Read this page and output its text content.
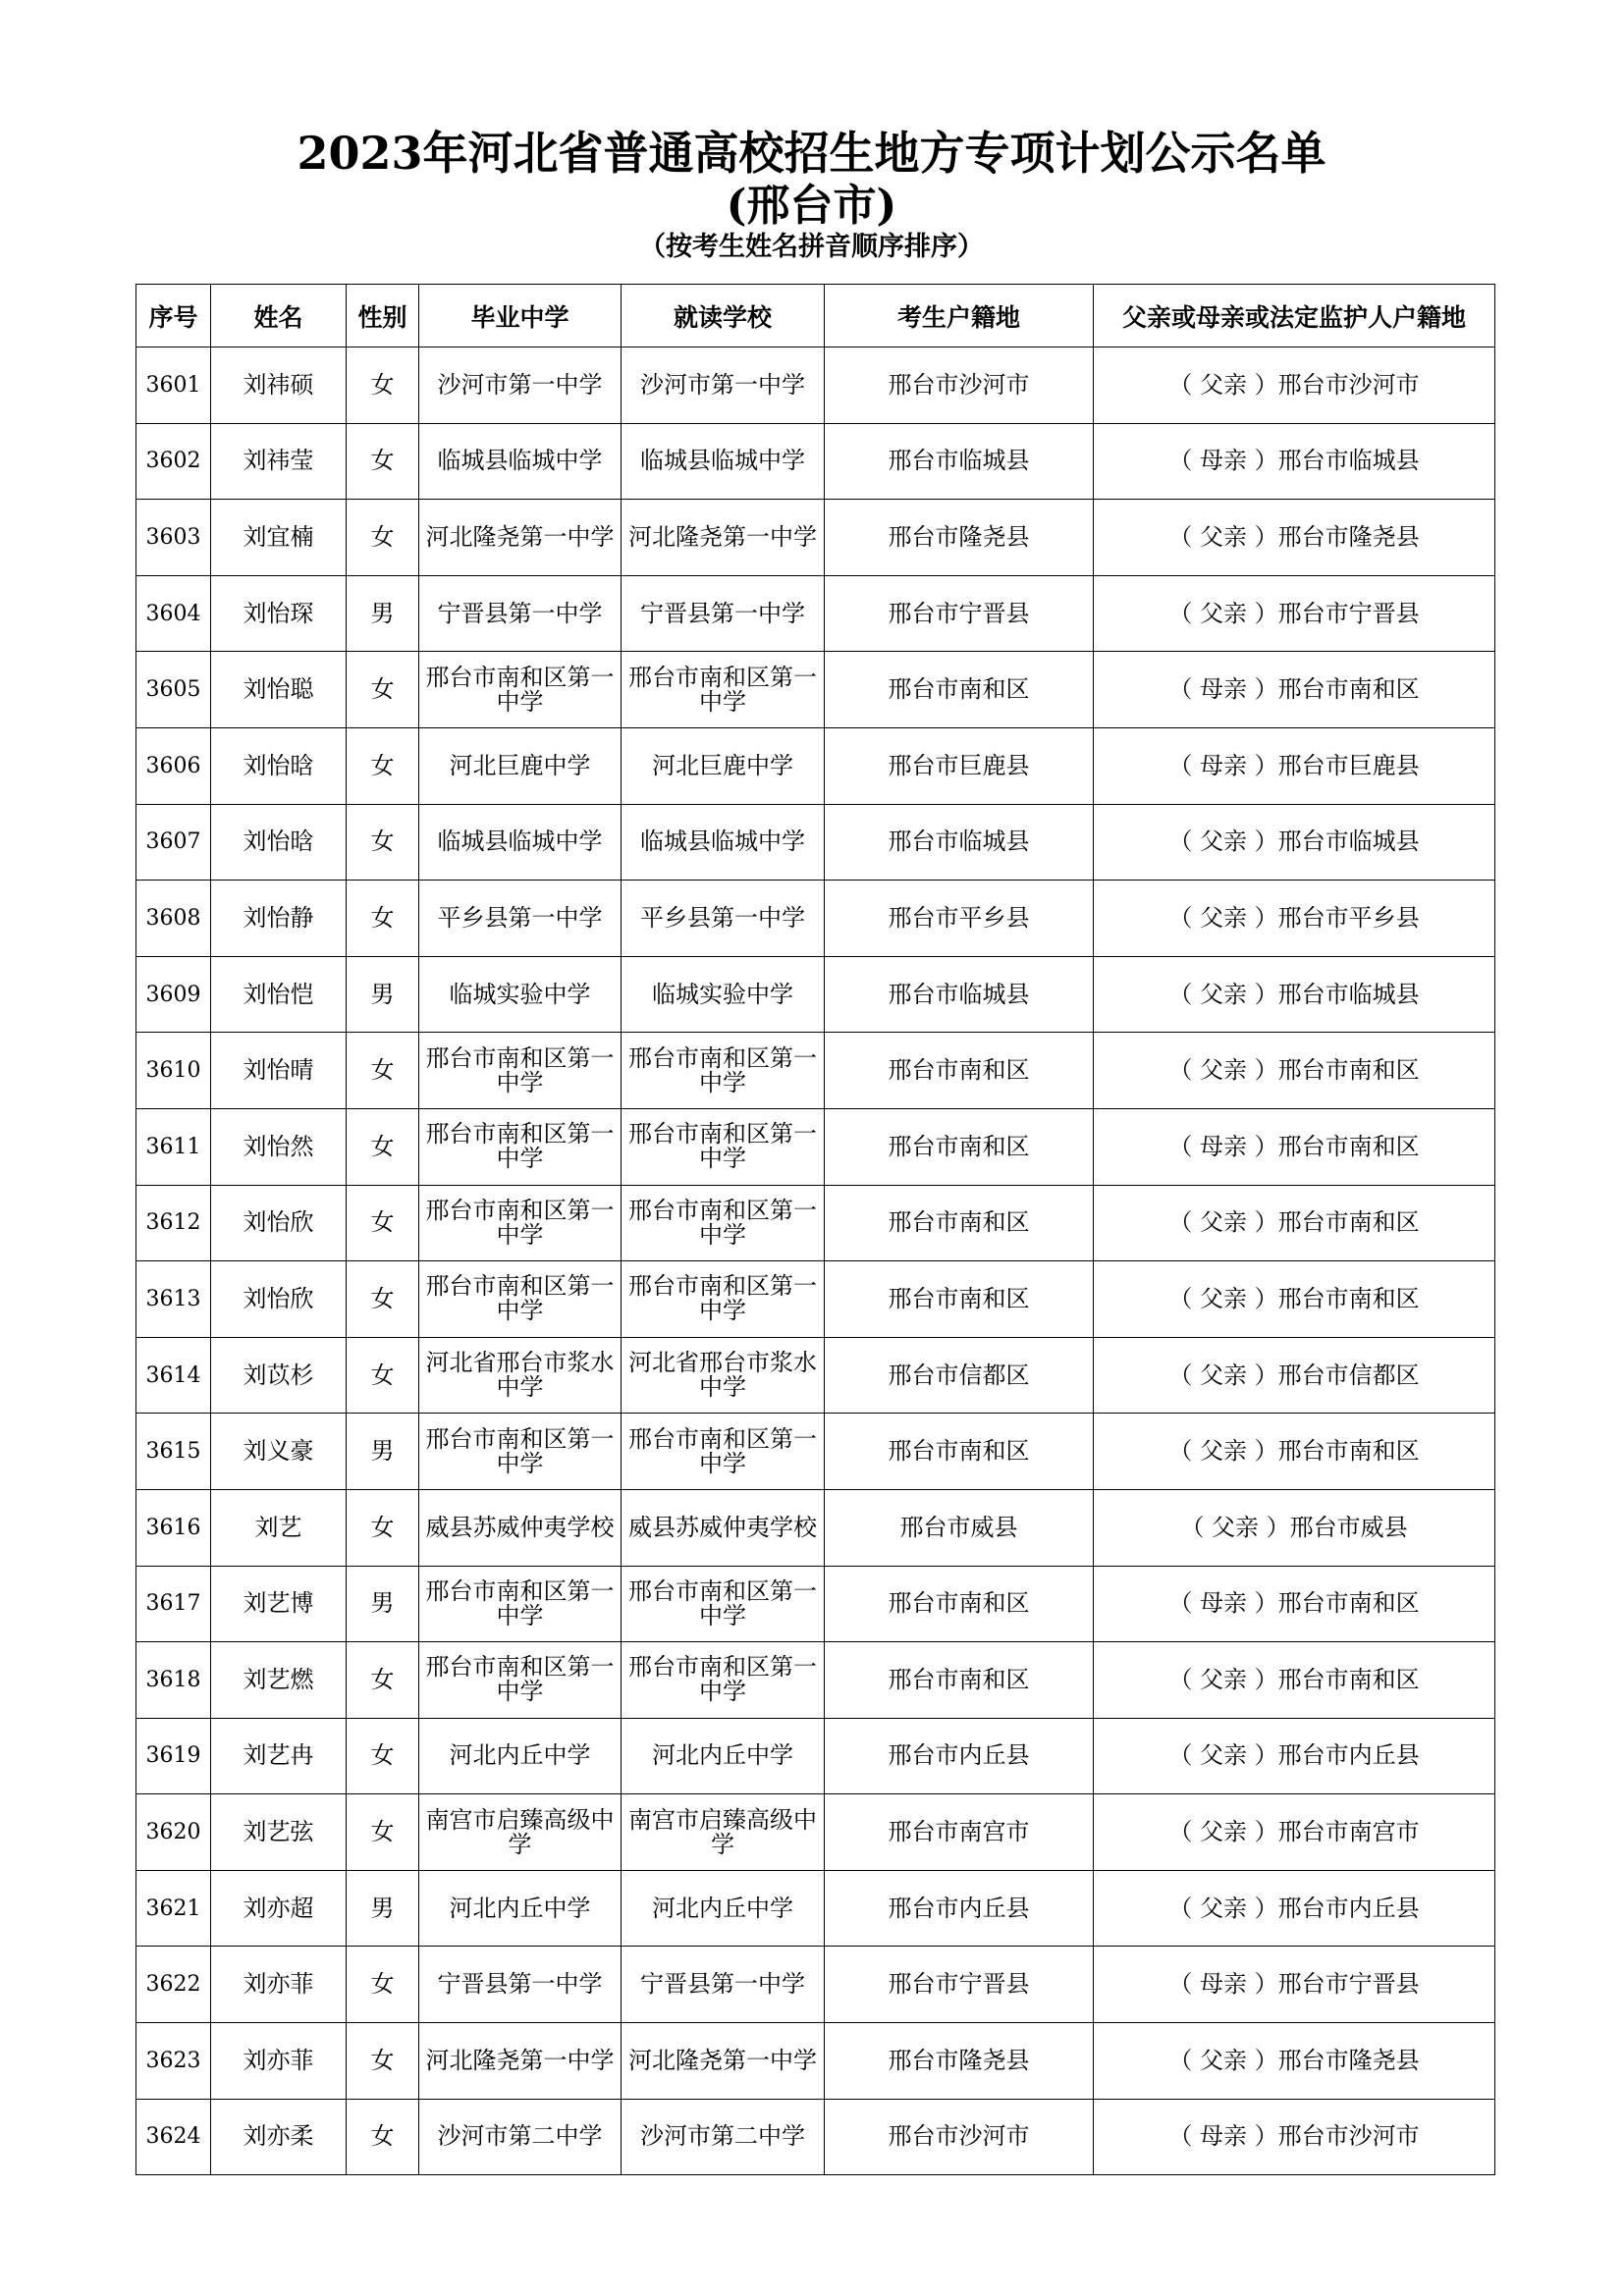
2023年河北省普通高校招生地方专项计划公示名单
(邢台市)
（按考生姓名拼音顺序排序）
序号	姓名	性别	毕业中学	就读学校	考生户籍地	父亲或母亲或法定监护人户籍地
3601	刘祎硕	女	沙河市第一中学	沙河市第一中学	邢台市沙河市	（ 父亲 ）邢台市沙河市
3602	刘祎莹	女	临城县临城中学	临城县临城中学	邢台市临城县	（ 母亲 ）邢台市临城县
3603	刘宜楠	女	河北隆尧第一中学	河北隆尧第一中学	邢台市隆尧县	（ 父亲 ）邢台市隆尧县
3604	刘怡琛	男	宁晋县第一中学	宁晋县第一中学	邢台市宁晋县	（ 父亲 ）邢台市宁晋县
3605	刘怡聪	女	邢台市南和区第一中学	邢台市南和区第一中学	邢台市南和区	（ 母亲 ）邢台市南和区
3606	刘怡晗	女	河北巨鹿中学	河北巨鹿中学	邢台市巨鹿县	（ 母亲 ）邢台市巨鹿县
3607	刘怡晗	女	临城县临城中学	临城县临城中学	邢台市临城县	（ 父亲 ）邢台市临城县
3608	刘怡静	女	平乡县第一中学	平乡县第一中学	邢台市平乡县	（ 父亲 ）邢台市平乡县
3609	刘怡恺	男	临城实验中学	临城实验中学	邢台市临城县	（ 父亲 ）邢台市临城县
3610	刘怡晴	女	邢台市南和区第一中学	邢台市南和区第一中学	邢台市南和区	（ 父亲 ）邢台市南和区
3611	刘怡然	女	邢台市南和区第一中学	邢台市南和区第一中学	邢台市南和区	（ 母亲 ）邢台市南和区
3612	刘怡欣	女	邢台市南和区第一中学	邢台市南和区第一中学	邢台市南和区	（ 父亲 ）邢台市南和区
3613	刘怡欣	女	邢台市南和区第一中学	邢台市南和区第一中学	邢台市南和区	（ 父亲 ）邢台市南和区
3614	刘苡杉	女	河北省邢台市浆水中学	河北省邢台市浆水中学	邢台市信都区	（ 父亲 ）邢台市信都区
3615	刘义豪	男	邢台市南和区第一中学	邢台市南和区第一中学	邢台市南和区	（ 父亲 ）邢台市南和区
3616	刘艺	女	威县苏威仲夷学校	威县苏威仲夷学校	邢台市威县	（ 父亲 ）邢台市威县
3617	刘艺博	男	邢台市南和区第一中学	邢台市南和区第一中学	邢台市南和区	（ 母亲 ）邢台市南和区
3618	刘艺燃	女	邢台市南和区第一中学	邢台市南和区第一中学	邢台市南和区	（ 父亲 ）邢台市南和区
3619	刘艺冉	女	河北内丘中学	河北内丘中学	邢台市内丘县	（ 父亲 ）邢台市内丘县
3620	刘艺弦	女	南宫市启臻高级中学	南宫市启臻高级中学	邢台市南宫市	（ 父亲 ）邢台市南宫市
3621	刘亦超	男	河北内丘中学	河北内丘中学	邢台市内丘县	（ 父亲 ）邢台市内丘县
3622	刘亦菲	女	宁晋县第一中学	宁晋县第一中学	邢台市宁晋县	（ 母亲 ）邢台市宁晋县
3623	刘亦菲	女	河北隆尧第一中学	河北隆尧第一中学	邢台市隆尧县	（ 父亲 ）邢台市隆尧县
3624	刘亦柔	女	沙河市第二中学	沙河市第二中学	邢台市沙河市	（ 母亲 ）邢台市沙河市
